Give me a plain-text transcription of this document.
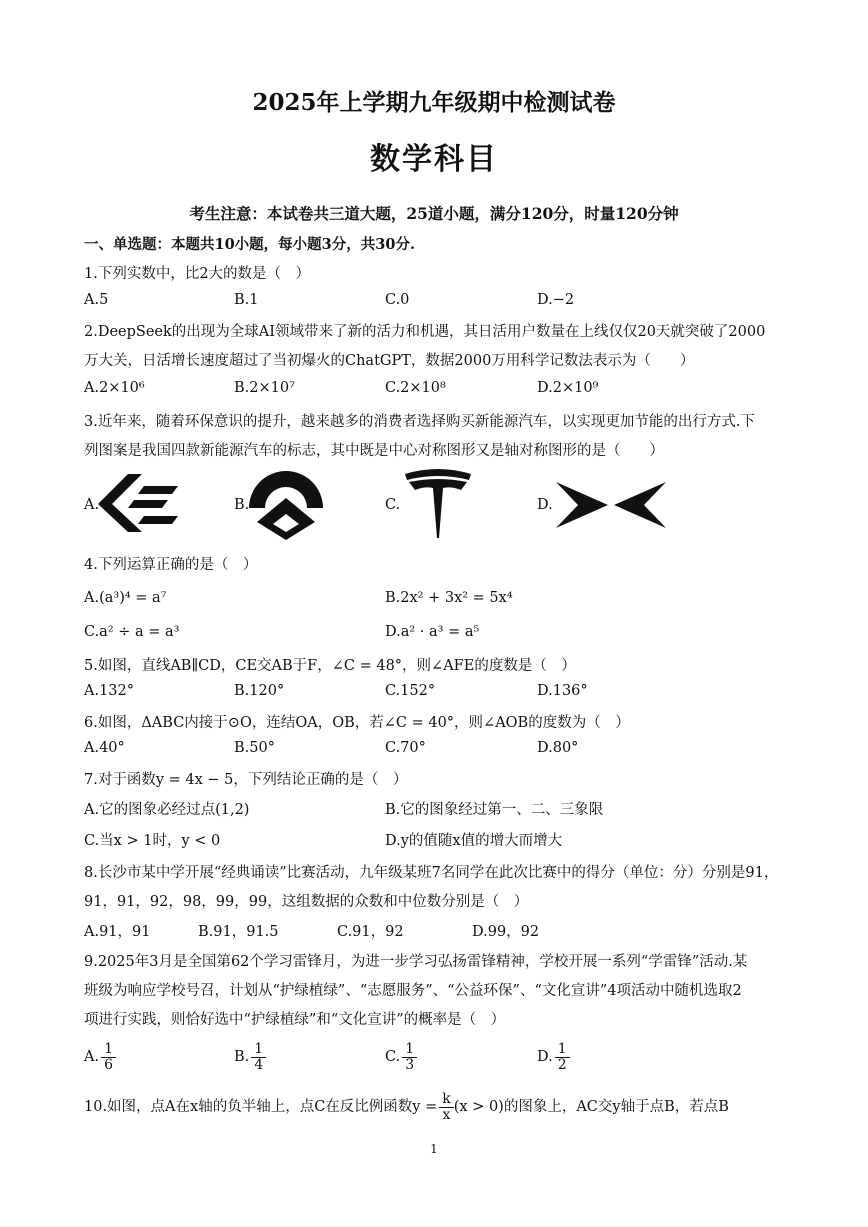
2025年上学期九年级期中检测试卷
数学科目
考生注意：本试卷共三道大题，25道小题，满分120分，时量120分钟
一、单选题：本题共10小题，每小题3分，共30分.
1.下列实数中，比2大的数是（　）
A.5	B.1	C.0	D.−2
2.DeepSeek的出现为全球AI领域带来了新的活力和机遇，其日活用户数量在上线仅仅20天就突破了2000
万大关，日活增长速度超过了当初爆火的ChatGPT，数据2000万用科学记数法表示为（　　）
A.2×10⁶	B.2×10⁷	C.2×10⁸	D.2×10⁹
3.近年来，随着环保意识的提升，越来越多的消费者选择购买新能源汽车，以实现更加节能的出行方式.下
列图案是我国四款新能源汽车的标志，其中既是中心对称图形又是轴对称图形的是（　　）
A.	B.	C.	D.
4.下列运算正确的是（　）
A.(a³)⁴ = a⁷	B.2x² + 3x² = 5x⁴
C.a² ÷ a = a³	D.a² · a³ = a⁵
5.如图，直线AB∥CD，CE交AB于F，∠C = 48°，则∠AFE的度数是（　）
A.132°	B.120°	C.152°	D.136°
6.如图，ΔABC内接于⊙O，连结OA，OB，若∠C = 40°，则∠AOB的度数为（　）
A.40°	B.50°	C.70°	D.80°
7.对于函数y = 4x − 5，下列结论正确的是（　）
A.它的图象必经过点(1,2)	B.它的图象经过第一、二、三象限
C.当x > 1时，y < 0	D.y的值随x值的增大而增大
8.长沙市某中学开展“经典诵读”比赛活动，九年级某班7名同学在此次比赛中的得分（单位：分）分别是91，
91，91，92，98，99，99，这组数据的众数和中位数分别是（　）
A.91，91	B.91，91.5	C.91，92	D.99，92
9.2025年3月是全国第62个学习雷锋月，为进一步学习弘扬雷锋精神，学校开展一系列“学雷锋”活动.某
班级为响应学校号召，计划从“护绿植绿”、“志愿服务”、“公益环保”、“文化宣讲”4项活动中随机选取2
项进行实践，则恰好选中“护绿植绿”和“文化宣讲”的概率是（　）
A. $\frac{1}{6}$	B. $\frac{1}{4}$	C. $\frac{1}{3}$	D. $\frac{1}{2}$
10.如图，点A在x轴的负半轴上，点C在反比例函数$y = \frac{k}{x} (x > 0)$的图象上，AC交y轴于点B，若点B
1
